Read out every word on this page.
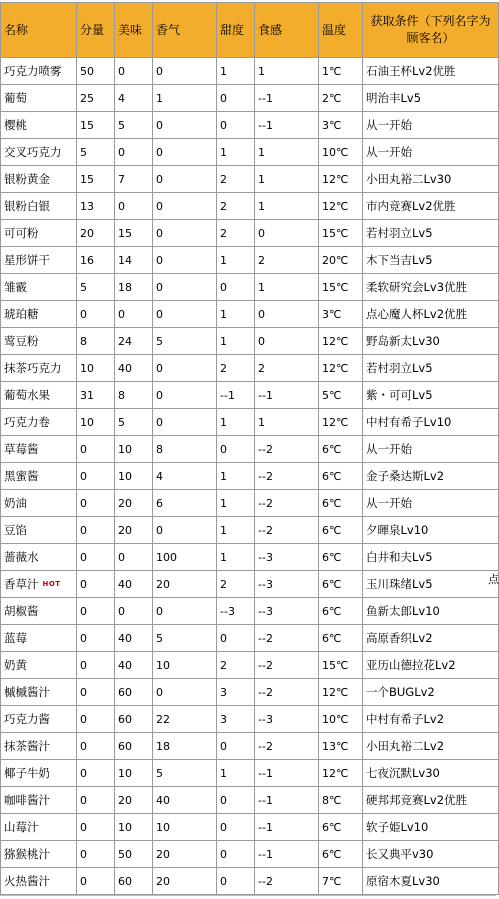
名称	分量	美味	香气	甜度	食感	温度	获取条件（下列名字为顾客名）
巧克力喷雾	50	0	0	1	1	1℃	石油王杯Lv2优胜
葡萄	25	4	1	0	--1	2℃	明治丰Lv5
樱桃	15	5	0	0	--1	3℃	从一开始
交叉巧克力	5	0	0	1	1	10℃	从一开始
银粉黄金	15	7	0	2	1	12℃	小田丸裕二Lv30
银粉白银	13	0	0	2	1	12℃	市内竞赛Lv2优胜
可可粉	20	15	0	2	0	15℃	若村羽立Lv5
星形饼干	16	14	0	1	2	20℃	木下当吉Lv5
雏霰	5	18	0	0	1	15℃	柔软研究会Lv3优胜
琥珀糖	0	0	0	1	0	3℃	点心魔人杯Lv2优胜
莺豆粉	8	24	5	1	0	12℃	野岛新太Lv30
抹茶巧克力	10	40	0	2	2	12℃	若村羽立Lv5
葡萄水果	31	8	0	--1	--1	5℃	紫・可可Lv5
巧克力卷	10	5	0	1	1	12℃	中村有希子Lv10
草莓酱	0	10	8	0	--2	6℃	从一开始
黑蜜酱	0	10	4	1	--2	6℃	金子桑达斯Lv2
奶油	0	20	6	1	--2	6℃	从一开始
豆馅	0	20	0	1	--2	6℃	夕暉泉Lv10
蔷薇水	0	0	100	1	--3	6℃	白井和夫Lv5
香草汁 HOT	0	40	20	2	--3	6℃	玉川珠绪Lv5
胡椒酱	0	0	0	--3	--3	6℃	鱼新太郎Lv10
蓝莓	0	40	5	0	--2	6℃	高原香织Lv2
奶黄	0	40	10	2	--2	15℃	亚历山德拉花Lv2
槭槭酱汁	0	60	0	3	--2	12℃	一个BUGLv2
巧克力酱	0	60	22	3	--3	10℃	中村有希子Lv2
抹茶酱汁	0	60	18	0	--2	13℃	小田丸裕二Lv2
椰子牛奶	0	10	5	1	--1	12℃	七夜沉默Lv30
咖啡酱汁	0	20	40	0	--1	8℃	硬邦邦竞赛Lv2优胜
山莓汁	0	10	10	0	--1	6℃	软子姫Lv10
猕猴桃汁	0	50	20	0	--1	6℃	长又典平v30
火热酱汁	0	60	20	0	--2	7℃	原宿木夏Lv30
点
